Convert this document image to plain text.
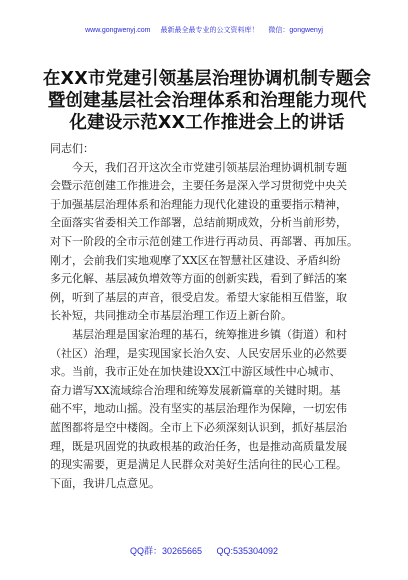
www.gongwenyj.com 最新最全最专业的公文资料库！ 微信：gongwenyj
在XX市党建引领基层治理协调机制专题会
暨创建基层社会治理体系和治理能力现代
化建设示范XX工作推进会上的讲话
同志们：
今天，我们召开这次全市党建引领基层治理协调机制专题
会暨示范创建工作推进会，主要任务是深入学习贯彻党中央关
于加强基层治理体系和治理能力现代化建设的重要指示精神，
全面落实省委相关工作部署，总结前期成效，分析当前形势，
对下一阶段的全市示范创建工作进行再动员、再部署、再加压。
刚才，会前我们实地观摩了XX区在智慧社区建设、矛盾纠纷
多元化解、基层减负增效等方面的创新实践，看到了鲜活的案
例，听到了基层的声音，很受启发。希望大家能相互借鉴，取
长补短，共同推动全市基层治理工作迈上新台阶。
基层治理是国家治理的基石，统筹推进乡镇（街道）和村
（社区）治理，是实现国家长治久安、人民安居乐业的必然要
求。当前，我市正处在加快建设XX江中游区域性中心城市、
奋力谱写XX流域综合治理和统筹发展新篇章的关键时期。基
础不牢，地动山摇。没有坚实的基层治理作为保障，一切宏伟
蓝图都将是空中楼阁。全市上下必须深刻认识到，抓好基层治
理，既是巩固党的执政根基的政治任务，也是推动高质量发展
的现实需要，更是满足人民群众对美好生活向往的民心工程。
下面，我讲几点意见。
QQ群：30265665 QQ:535304092
